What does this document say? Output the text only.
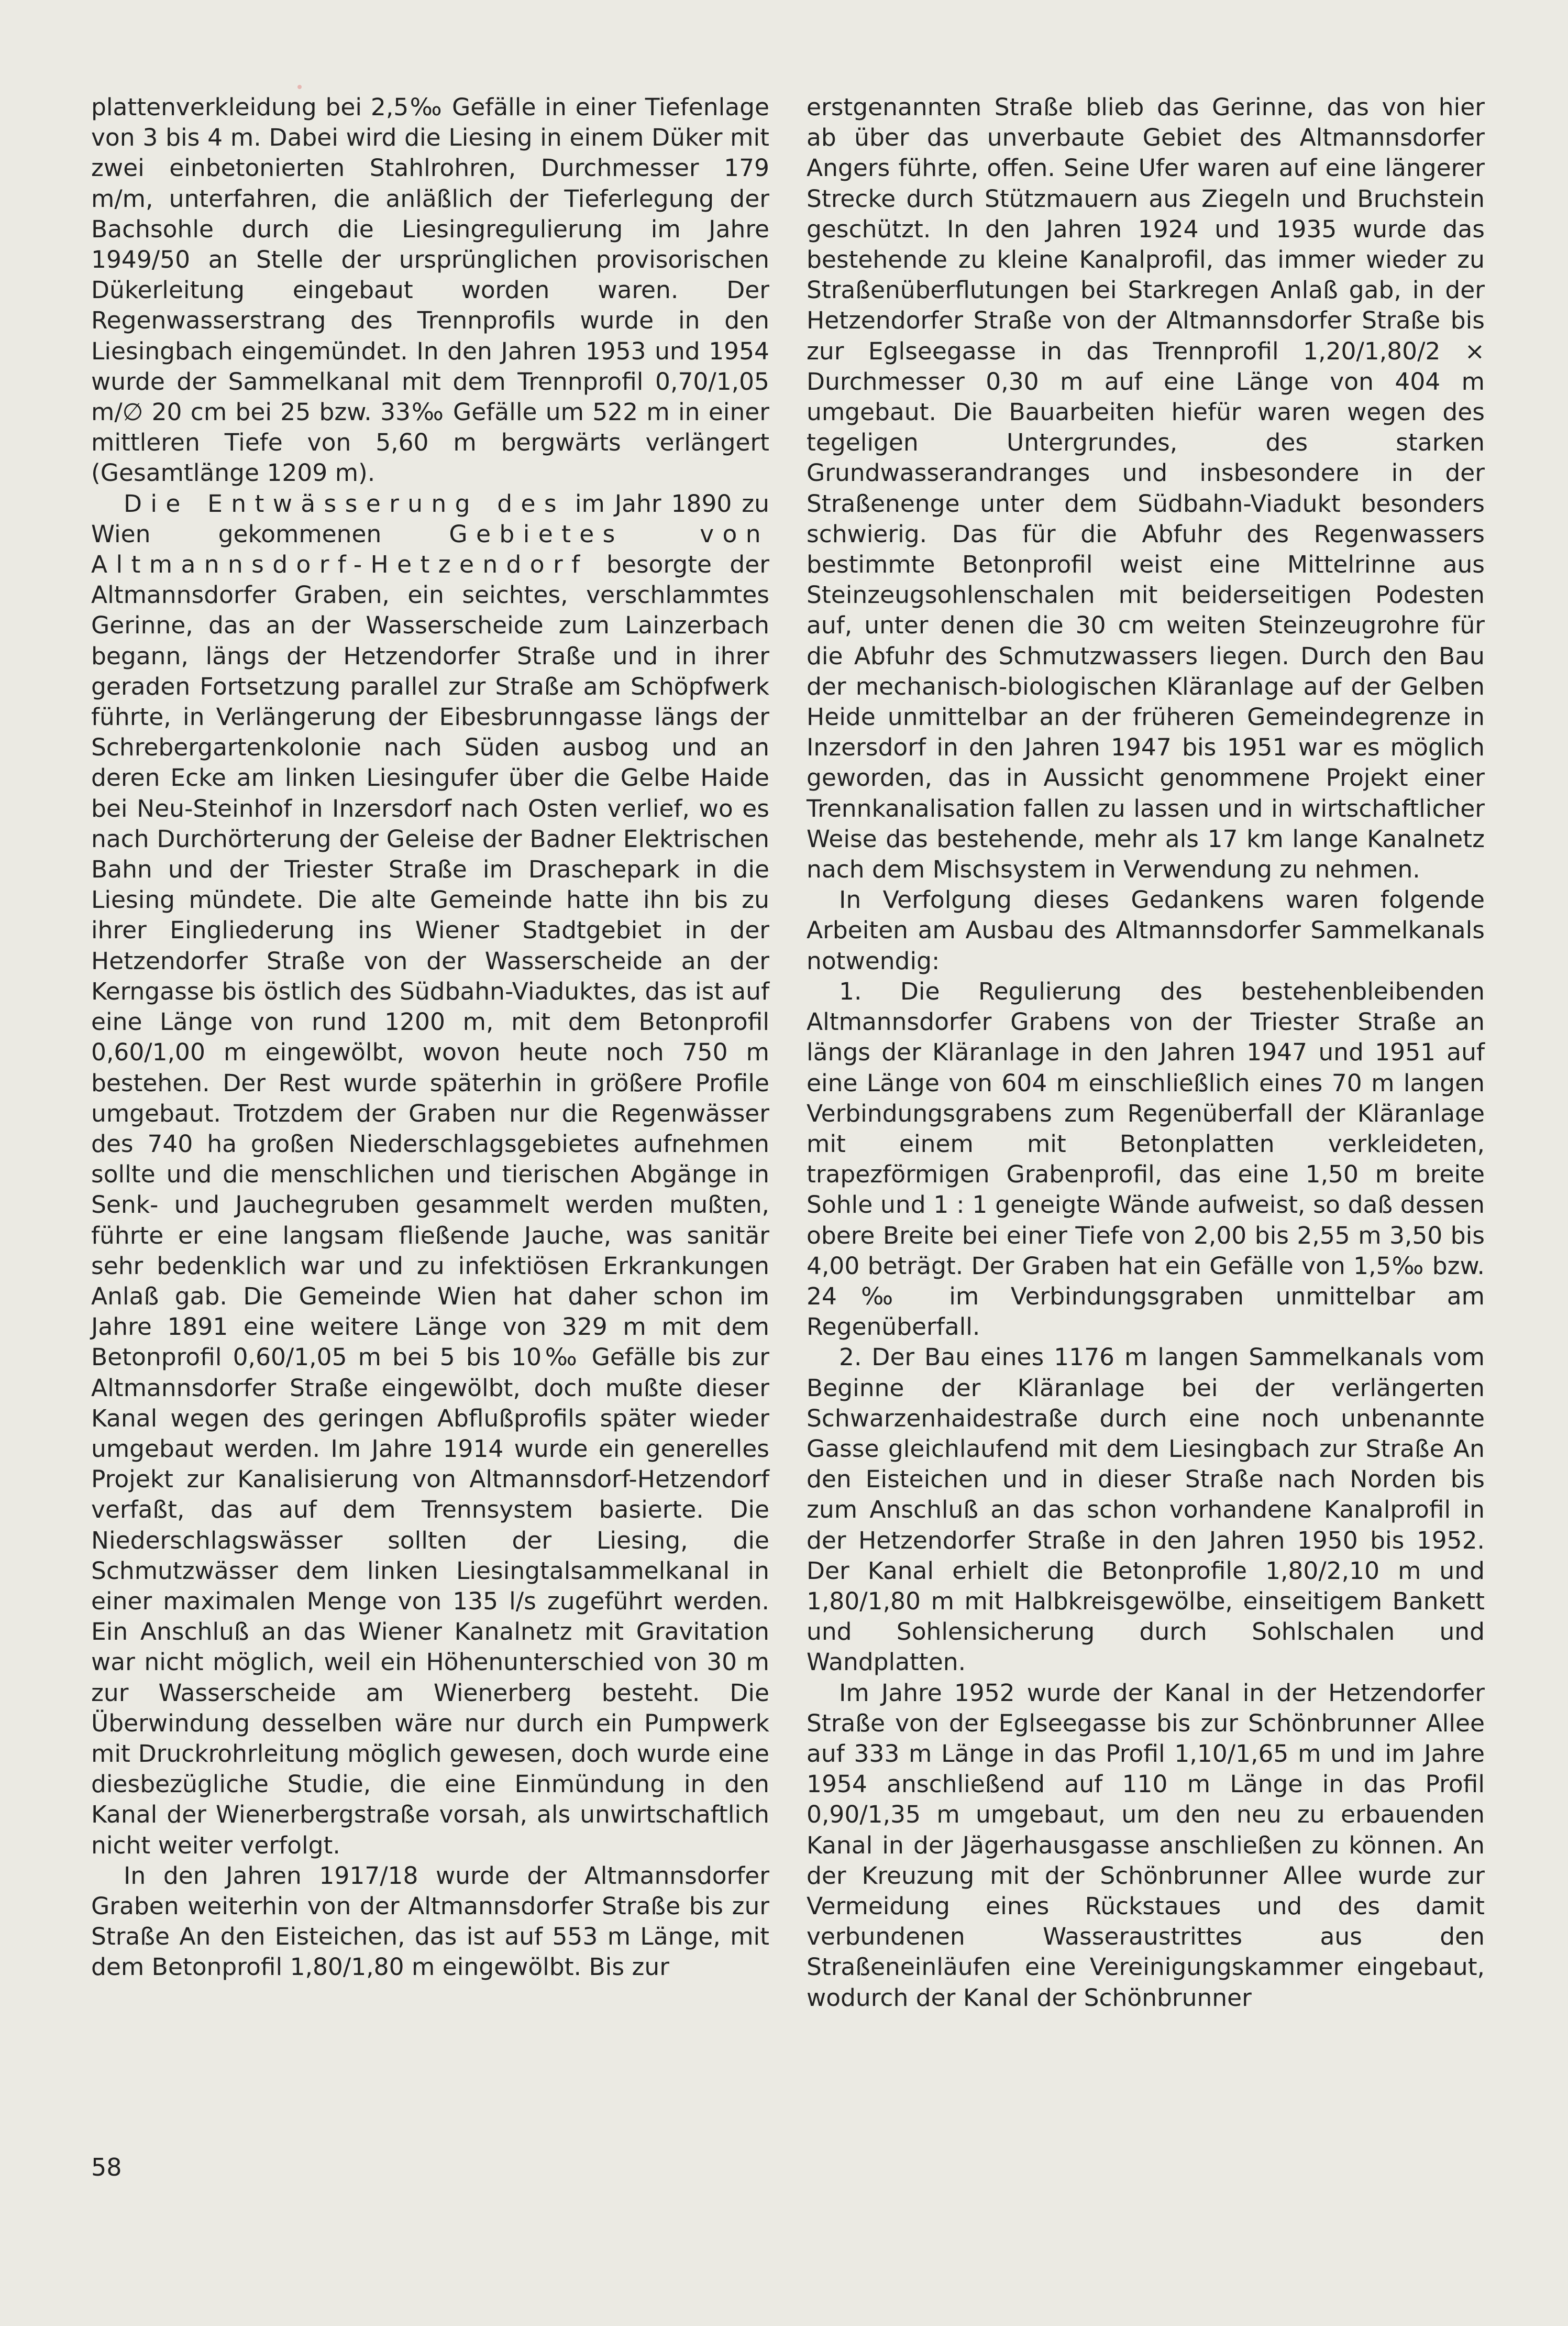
plattenverkleidung bei 2,5‰ Gefälle in einer Tiefenlage von 3 bis 4 m. Dabei wird die Liesing in einem Düker mit zwei einbetonierten Stahlrohren, Durchmesser 179 m/m, unterfahren, die anläßlich der Tieferlegung der Bachsohle durch die Liesingregulierung im Jahre 1949/50 an Stelle der ursprünglichen provisorischen Dükerleitung eingebaut worden waren. Der Regenwasserstrang des Trennprofils wurde in den Liesingbach eingemündet. In den Jahren 1953 und 1954 wurde der Sammelkanal mit dem Trennprofil 0,70/1,05 m/∅ 20 cm bei 25 bzw. 33‰ Gefälle um 522 m in einer mittleren Tiefe von 5,60 m bergwärts verlängert (Gesamtlänge 1209 m).

Die Entwässerung des im Jahr 1890 zu Wien gekommenen Gebietes von Altmannsdorf-Hetzendorf besorgte der Altmannsdorfer Graben, ein seichtes, verschlammtes Gerinne, das an der Wasserscheide zum Lainzerbach begann, längs der Hetzendorfer Straße und in ihrer geraden Fortsetzung parallel zur Straße am Schöpfwerk führte, in Verlängerung der Eibesbrunngasse längs der Schrebergartenkolonie nach Süden ausbog und an deren Ecke am linken Liesingufer über die Gelbe Haide bei Neu-Steinhof in Inzersdorf nach Osten verlief, wo es nach Durchörterung der Geleise der Badner Elektrischen Bahn und der Triester Straße im Draschepark in die Liesing mündete. Die alte Gemeinde hatte ihn bis zu ihrer Eingliederung ins Wiener Stadtgebiet in der Hetzendorfer Straße von der Wasserscheide an der Kerngasse bis östlich des Südbahn-Viaduktes, das ist auf eine Länge von rund 1200 m, mit dem Betonprofil 0,60/1,00 m eingewölbt, wovon heute noch 750 m bestehen. Der Rest wurde späterhin in größere Profile umgebaut. Trotzdem der Graben nur die Regenwässer des 740 ha großen Niederschlagsgebietes aufnehmen sollte und die menschlichen und tierischen Abgänge in Senk- und Jauchegruben gesammelt werden mußten, führte er eine langsam fließende Jauche, was sanitär sehr bedenklich war und zu infektiösen Erkrankungen Anlaß gab. Die Gemeinde Wien hat daher schon im Jahre 1891 eine weitere Länge von 329 m mit dem Betonprofil 0,60/1,05 m bei 5 bis 10‰ Gefälle bis zur Altmannsdorfer Straße eingewölbt, doch mußte dieser Kanal wegen des geringen Abflußprofils später wieder umgebaut werden. Im Jahre 1914 wurde ein generelles Projekt zur Kanalisierung von Altmannsdorf-Hetzendorf verfaßt, das auf dem Trennsystem basierte. Die Niederschlagswässer sollten der Liesing, die Schmutzwässer dem linken Liesingtalsammelkanal in einer maximalen Menge von 135 l/s zugeführt werden. Ein Anschluß an das Wiener Kanalnetz mit Gravitation war nicht möglich, weil ein Höhenunterschied von 30 m zur Wasserscheide am Wienerberg besteht. Die Überwindung desselben wäre nur durch ein Pumpwerk mit Druckrohrleitung möglich gewesen, doch wurde eine diesbezügliche Studie, die eine Einmündung in den Kanal der Wienerbergstraße vorsah, als unwirtschaftlich nicht weiter verfolgt.

In den Jahren 1917/18 wurde der Altmannsdorfer Graben weiterhin von der Altmannsdorfer Straße bis zur Straße An den Eisteichen, das ist auf 553 m Länge, mit dem Betonprofil 1,80/1,80 m eingewölbt. Bis zur

erstgenannten Straße blieb das Gerinne, das von hier ab über das unverbaute Gebiet des Altmannsdorfer Angers führte, offen. Seine Ufer waren auf eine längerer Strecke durch Stützmauern aus Ziegeln und Bruchstein geschützt. In den Jahren 1924 und 1935 wurde das bestehende zu kleine Kanalprofil, das immer wieder zu Straßenüberflutungen bei Starkregen Anlaß gab, in der Hetzendorfer Straße von der Altmannsdorfer Straße bis zur Eglseegasse in das Trennprofil 1,20/1,80/2 × Durchmesser 0,30 m auf eine Länge von 404 m umgebaut. Die Bauarbeiten hiefür waren wegen des tegeligen Untergrundes, des starken Grundwasserandranges und insbesondere in der Straßenenge unter dem Südbahn-Viadukt besonders schwierig. Das für die Abfuhr des Regenwassers bestimmte Betonprofil weist eine Mittelrinne aus Steinzeugsohlenschalen mit beiderseitigen Podesten auf, unter denen die 30 cm weiten Steinzeugrohre für die Abfuhr des Schmutzwassers liegen. Durch den Bau der mechanisch-biologischen Kläranlage auf der Gelben Heide unmittelbar an der früheren Gemeindegrenze in Inzersdorf in den Jahren 1947 bis 1951 war es möglich geworden, das in Aussicht genommene Projekt einer Trennkanalisation fallen zu lassen und in wirtschaftlicher Weise das bestehende, mehr als 17 km lange Kanalnetz nach dem Mischsystem in Verwendung zu nehmen.

In Verfolgung dieses Gedankens waren folgende Arbeiten am Ausbau des Altmannsdorfer Sammelkanals notwendig:

1. Die Regulierung des bestehenbleibenden Altmannsdorfer Grabens von der Triester Straße an längs der Kläranlage in den Jahren 1947 und 1951 auf eine Länge von 604 m einschließlich eines 70 m langen Verbindungsgrabens zum Regenüberfall der Kläranlage mit einem mit Betonplatten verkleideten, trapezförmigen Grabenprofil, das eine 1,50 m breite Sohle und 1 : 1 geneigte Wände aufweist, so daß dessen obere Breite bei einer Tiefe von 2,00 bis 2,55 m 3,50 bis 4,00 beträgt. Der Graben hat ein Gefälle von 1,5‰ bzw. 24‰ im Verbindungsgraben unmittelbar am Regenüberfall.

2. Der Bau eines 1176 m langen Sammelkanals vom Beginne der Kläranlage bei der verlängerten Schwarzenhaidestraße durch eine noch unbenannte Gasse gleichlaufend mit dem Liesingbach zur Straße An den Eisteichen und in dieser Straße nach Norden bis zum Anschluß an das schon vorhandene Kanalprofil in der Hetzendorfer Straße in den Jahren 1950 bis 1952. Der Kanal erhielt die Betonprofile 1,80/2,10 m und 1,80/1,80 m mit Halbkreisgewölbe, einseitigem Bankett und Sohlensicherung durch Sohlschalen und Wandplatten.

Im Jahre 1952 wurde der Kanal in der Hetzendorfer Straße von der Eglseegasse bis zur Schönbrunner Allee auf 333 m Länge in das Profil 1,10/1,65 m und im Jahre 1954 anschließend auf 110 m Länge in das Profil 0,90/1,35 m umgebaut, um den neu zu erbauenden Kanal in der Jägerhausgasse anschließen zu können. An der Kreuzung mit der Schönbrunner Allee wurde zur Vermeidung eines Rückstaues und des damit verbundenen Wasseraustrittes aus den Straßeneinläufen eine Vereinigungskammer eingebaut, wodurch der Kanal der Schönbrunner

58
